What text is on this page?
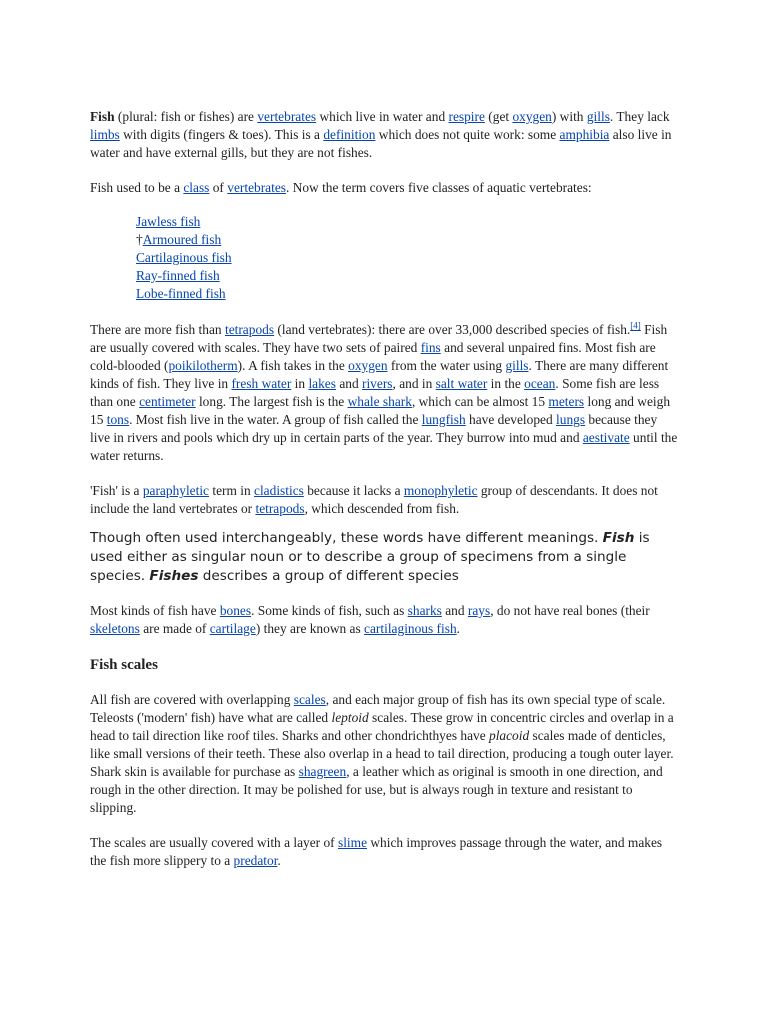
Fish (plural: fish or fishes) are vertebrates which live in water and respire (get oxygen) with gills. They lack limbs with digits (fingers & toes). This is a definition which does not quite work: some amphibia also live in water and have external gills, but they are not fishes.

Fish used to be a class of vertebrates. Now the term covers five classes of aquatic vertebrates:

Jawless fish
†Armoured fish
Cartilaginous fish
Ray-finned fish
Lobe-finned fish

There are more fish than tetrapods (land vertebrates): there are over 33,000 described species of fish.[4] Fish are usually covered with scales. They have two sets of paired fins and several unpaired fins. Most fish are cold-blooded (poikilotherm). A fish takes in the oxygen from the water using gills. There are many different kinds of fish. They live in fresh water in lakes and rivers, and in salt water in the ocean. Some fish are less than one centimeter long. The largest fish is the whale shark, which can be almost 15 meters long and weigh 15 tons. Most fish live in the water. A group of fish called the lungfish have developed lungs because they live in rivers and pools which dry up in certain parts of the year. They burrow into mud and aestivate until the water returns.

'Fish' is a paraphyletic term in cladistics because it lacks a monophyletic group of descendants. It does not include the land vertebrates or tetrapods, which descended from fish.

Though often used interchangeably, these words have different meanings. Fish is used either as singular noun or to describe a group of specimens from a single species. Fishes describes a group of different species

Most kinds of fish have bones. Some kinds of fish, such as sharks and rays, do not have real bones (their skeletons are made of cartilage) they are known as cartilaginous fish.

Fish scales

All fish are covered with overlapping scales, and each major group of fish has its own special type of scale. Teleosts ('modern' fish) have what are called leptoid scales. These grow in concentric circles and overlap in a head to tail direction like roof tiles. Sharks and other chondrichthyes have placoid scales made of denticles, like small versions of their teeth. These also overlap in a head to tail direction, producing a tough outer layer. Shark skin is available for purchase as shagreen, a leather which as original is smooth in one direction, and rough in the other direction. It may be polished for use, but is always rough in texture and resistant to slipping.

The scales are usually covered with a layer of slime which improves passage through the water, and makes the fish more slippery to a predator.
